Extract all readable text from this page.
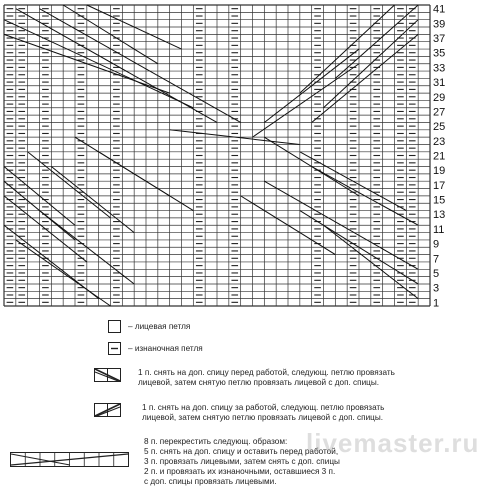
1
3
5
7
9
11
13
15
17
19
21
23
25
27
29
31
33
35
37
39
41
– лицевая петля
– изнаночная петля
1 п. снять на доп. спицу перед работой, следующ. петлю провязать
лицевой, затем снятую петлю провязать лицевой с доп. спицы.
1 п. снять на доп. спицу за работой, следующ. петлю провязать
лицевой, затем снятую петлю провязать лицевой с доп. спицы.
8 п. перекрестить следующ. образом:
5 п. снять на доп. спицу и оставить перед работой,
3 п. провязать лицевыми, затем снять с доп. спицы
2 п. и провязать их изнаночными, оставшиеся 3 п.
с доп. спицы провязать лицевыми.
livemaster.ru
